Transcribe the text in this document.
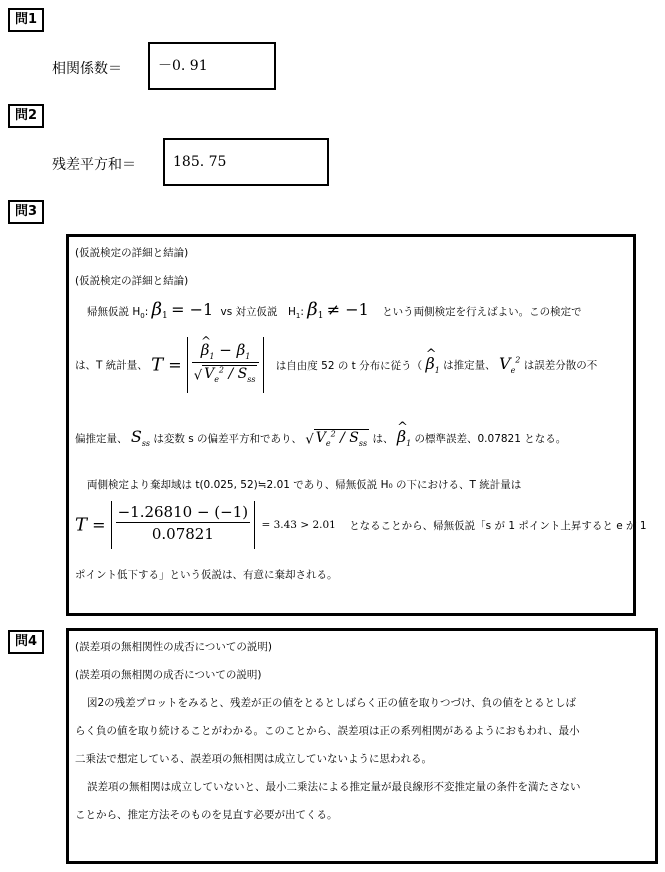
問1
相関係数＝	－0. 91
問2
残差平方和＝	185. 75
問3
(仮説検定の詳細と結論)
(仮説検定の詳細と結論)
帰無仮説 $H_0$: $\beta_1 = -1$ vs 対立仮説　$H_1$: $\beta_1 \ne -1$ という両側検定を行えばよい。この検定で
は、T 統計量、 T = ^ $\frac{\beta_1 - \beta_1}{√ V_e^2 / S_{ss}}$ は自由度 52 の t 分布に従う（ ^ $\beta_1$ は推定量、 $V_e^2$ は誤差分散の不
偏推定量、 $S_{ss}$ は変数 s の偏差平方和であり、 √ $V_e^2 / S_{ss}$ は、 ^ $\beta_1$ の標準誤差、0.07821 となる。
両側検定より棄却域は t(0.025, 52)≒2.01 であり、帰無仮説 H₀ の下における、T 統計量は
$T = \frac{-1.26810 - (-1)}{0.07821} = 3.43 > 2.01$ となることから、帰無仮説「s が 1 ポイント上昇すると e が 1
ポイント低下する」という仮説は、有意に棄却される。
問4	(誤差項の無相関性の成否についての説明)
(誤差項の無相関の成否についての説明)
図2の残差プロットをみると、残差が正の値をとるとしばらく正の値を取りつづけ、負の値をとるとしば
らく負の値を取り続けることがわかる。このことから、誤差項は正の系列相関があるようにおもわれ、最小
二乗法で想定している、誤差項の無相関は成立していないように思われる。
誤差項の無相関は成立していないと、最小二乗法による推定量が最良線形不変推定量の条件を満たさない
ことから、推定方法そのものを見直す必要が出てくる。
